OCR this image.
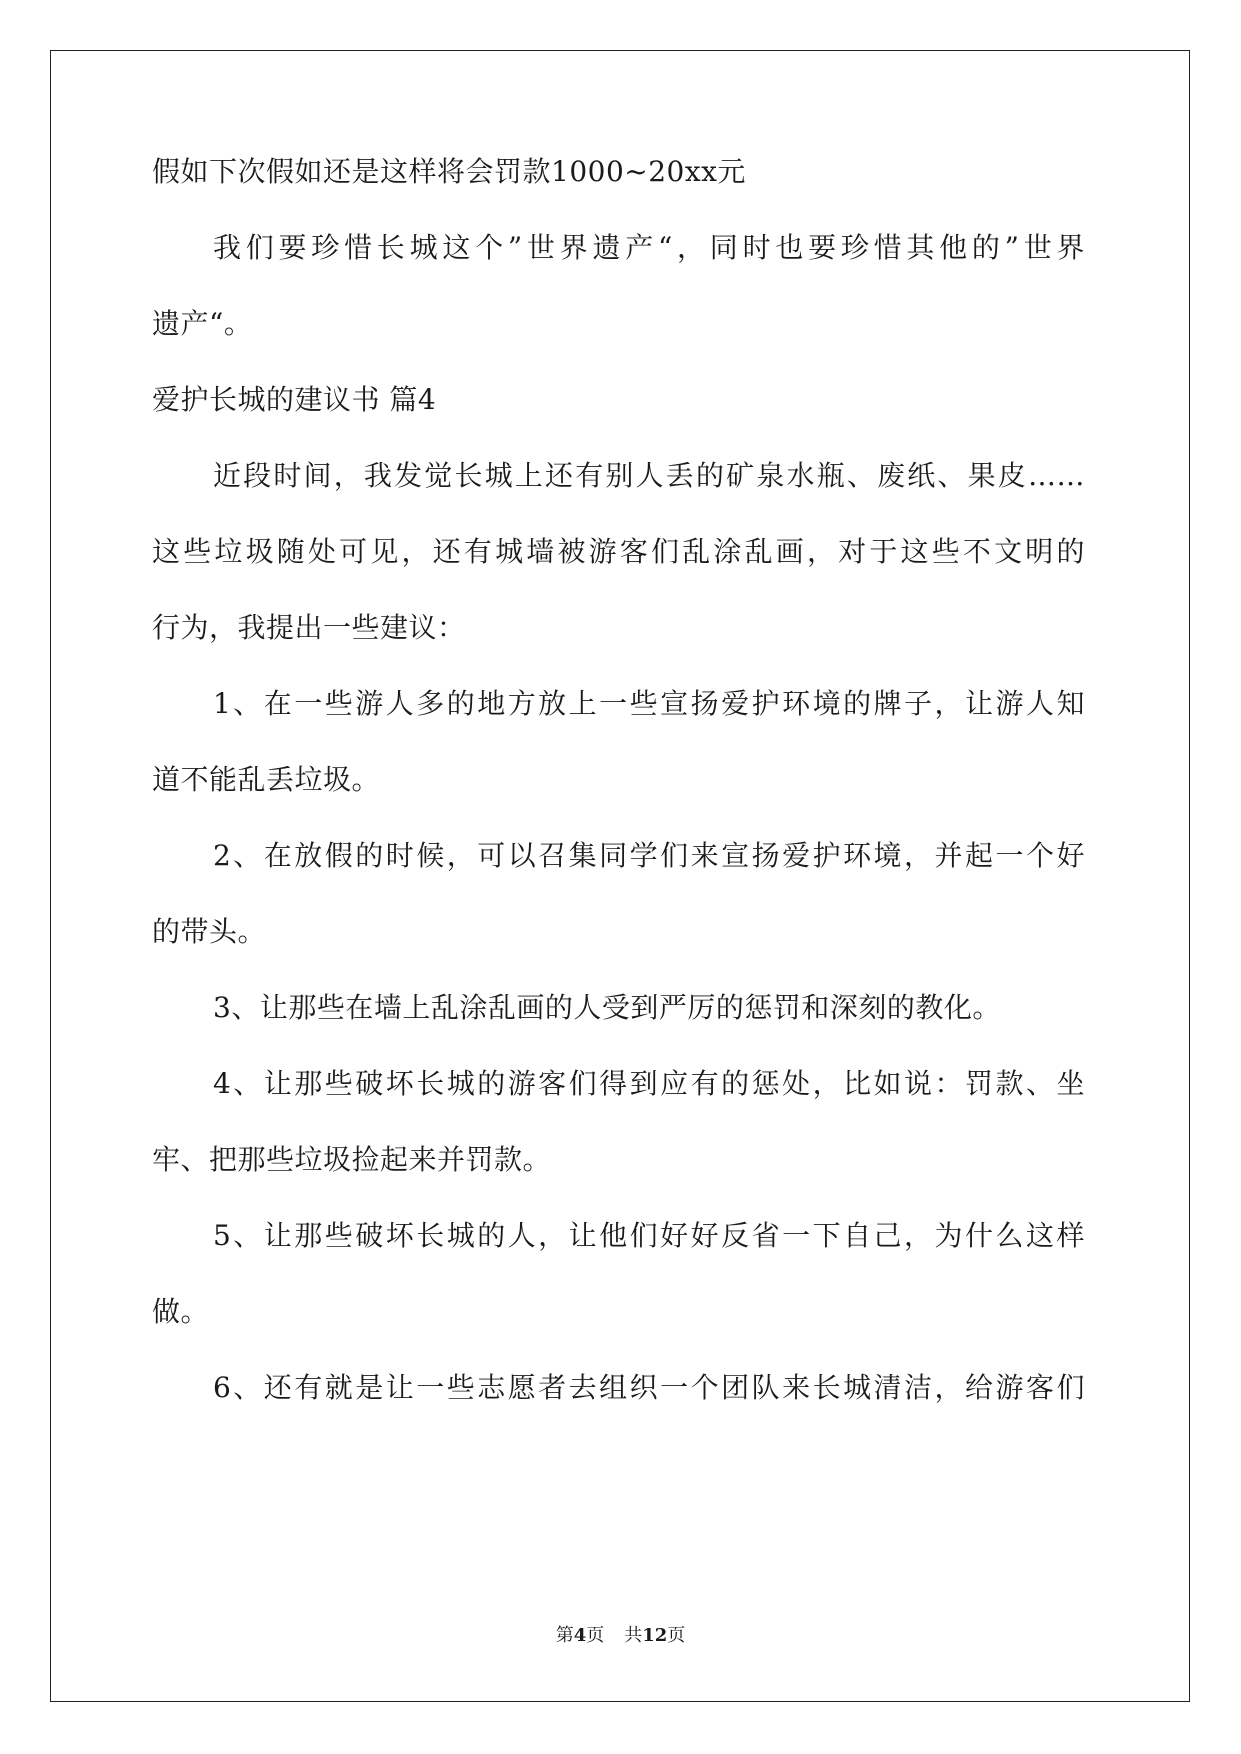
假如下次假如还是这样将会罚款1000~20xx元

我们要珍惜长城这个”世界遗产“，同时也要珍惜其他的”世界

遗产“。

爱护长城的建议书 篇4

近段时间，我发觉长城上还有别人丢的矿泉水瓶、废纸、果皮……

这些垃圾随处可见，还有城墙被游客们乱涂乱画，对于这些不文明的

行为，我提出一些建议：

1、在一些游人多的地方放上一些宣扬爱护环境的牌子，让游人知

道不能乱丢垃圾。

2、在放假的时候，可以召集同学们来宣扬爱护环境，并起一个好

的带头。

3、让那些在墙上乱涂乱画的人受到严厉的惩罚和深刻的教化。

4、让那些破坏长城的游客们得到应有的惩处，比如说：罚款、坐

牢、把那些垃圾捡起来并罚款。

5、让那些破坏长城的人，让他们好好反省一下自己，为什么这样

做。

6、还有就是让一些志愿者去组织一个团队来长城清洁，给游客们

第4页 共12页
